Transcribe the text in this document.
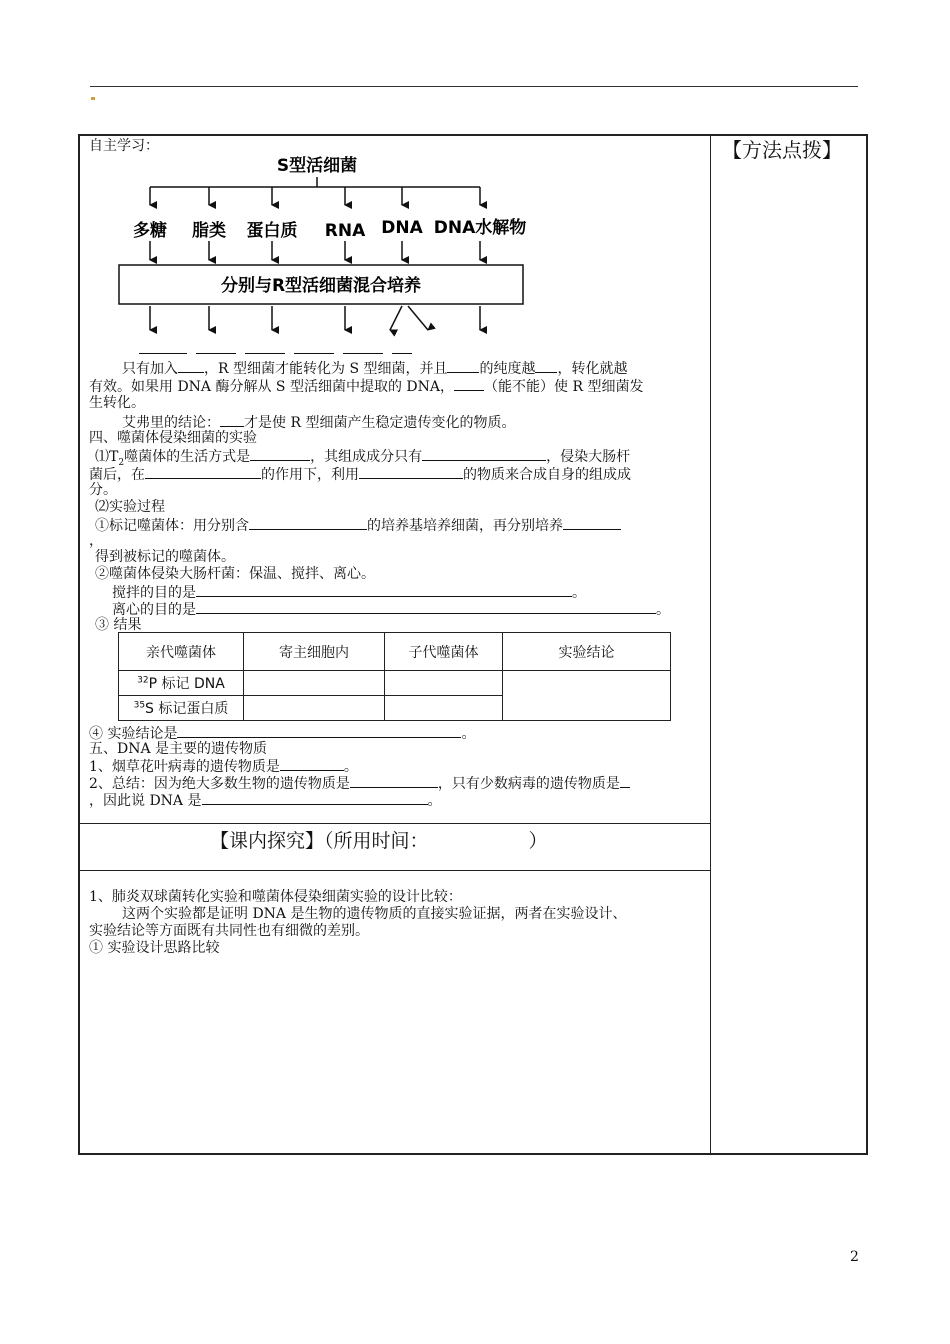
【方法点拨】
自主学习：
S型活细菌
多糖 脂类 蛋白质 RNA DNA DNA水解物
分别与R型活细菌混合培养

只有加入 ，R 型细菌才能转化为 S 型细菌，并且 的纯度越 ，转化就越
有效。如果用 DNA 酶分解从 S 型活细菌中提取的 DNA， （能不能）使 R 型细菌发
生转化。
艾弗里的结论： 才是使 R 型细菌产生稳定遗传变化的物质。
四、噬菌体侵染细菌的实验
$⑴T_2$噬菌体的生活方式是	，其组成成分只有	，侵染大肠杆
菌后，在	的作用下，利用	的物质来合成自身的组成成
分。
⑵实验过程
①标记噬菌体：用分别含	的培养基培养细菌，再分别培养
，
得到被标记的噬菌体。
②噬菌体侵染大肠杆菌：保温、搅拌、离心。
搅拌的目的是	。
离心的目的是	。
③ 结果
亲代噬菌体	寄主细胞内	子代噬菌体	实验结论
$^{32}$P 标记 DNA			
$^{35}$S 标记蛋白质			
④ 实验结论是	。
五、DNA 是主要的遗传物质
1、烟草花叶病毒的遗传物质是	。
2、总结：因为绝大多数生物的遗传物质是	，只有少数病毒的遗传物质是
，因此说 DNA 是	。
【课内探究】（所用时间：	）
1、肺炎双球菌转化实验和噬菌体侵染细菌实验的设计比较：
这两个实验都是证明 DNA 是生物的遗传物质的直接实验证据，两者在实验设计、
实验结论等方面既有共同性也有细微的差别。
① 实验设计思路比较
2
